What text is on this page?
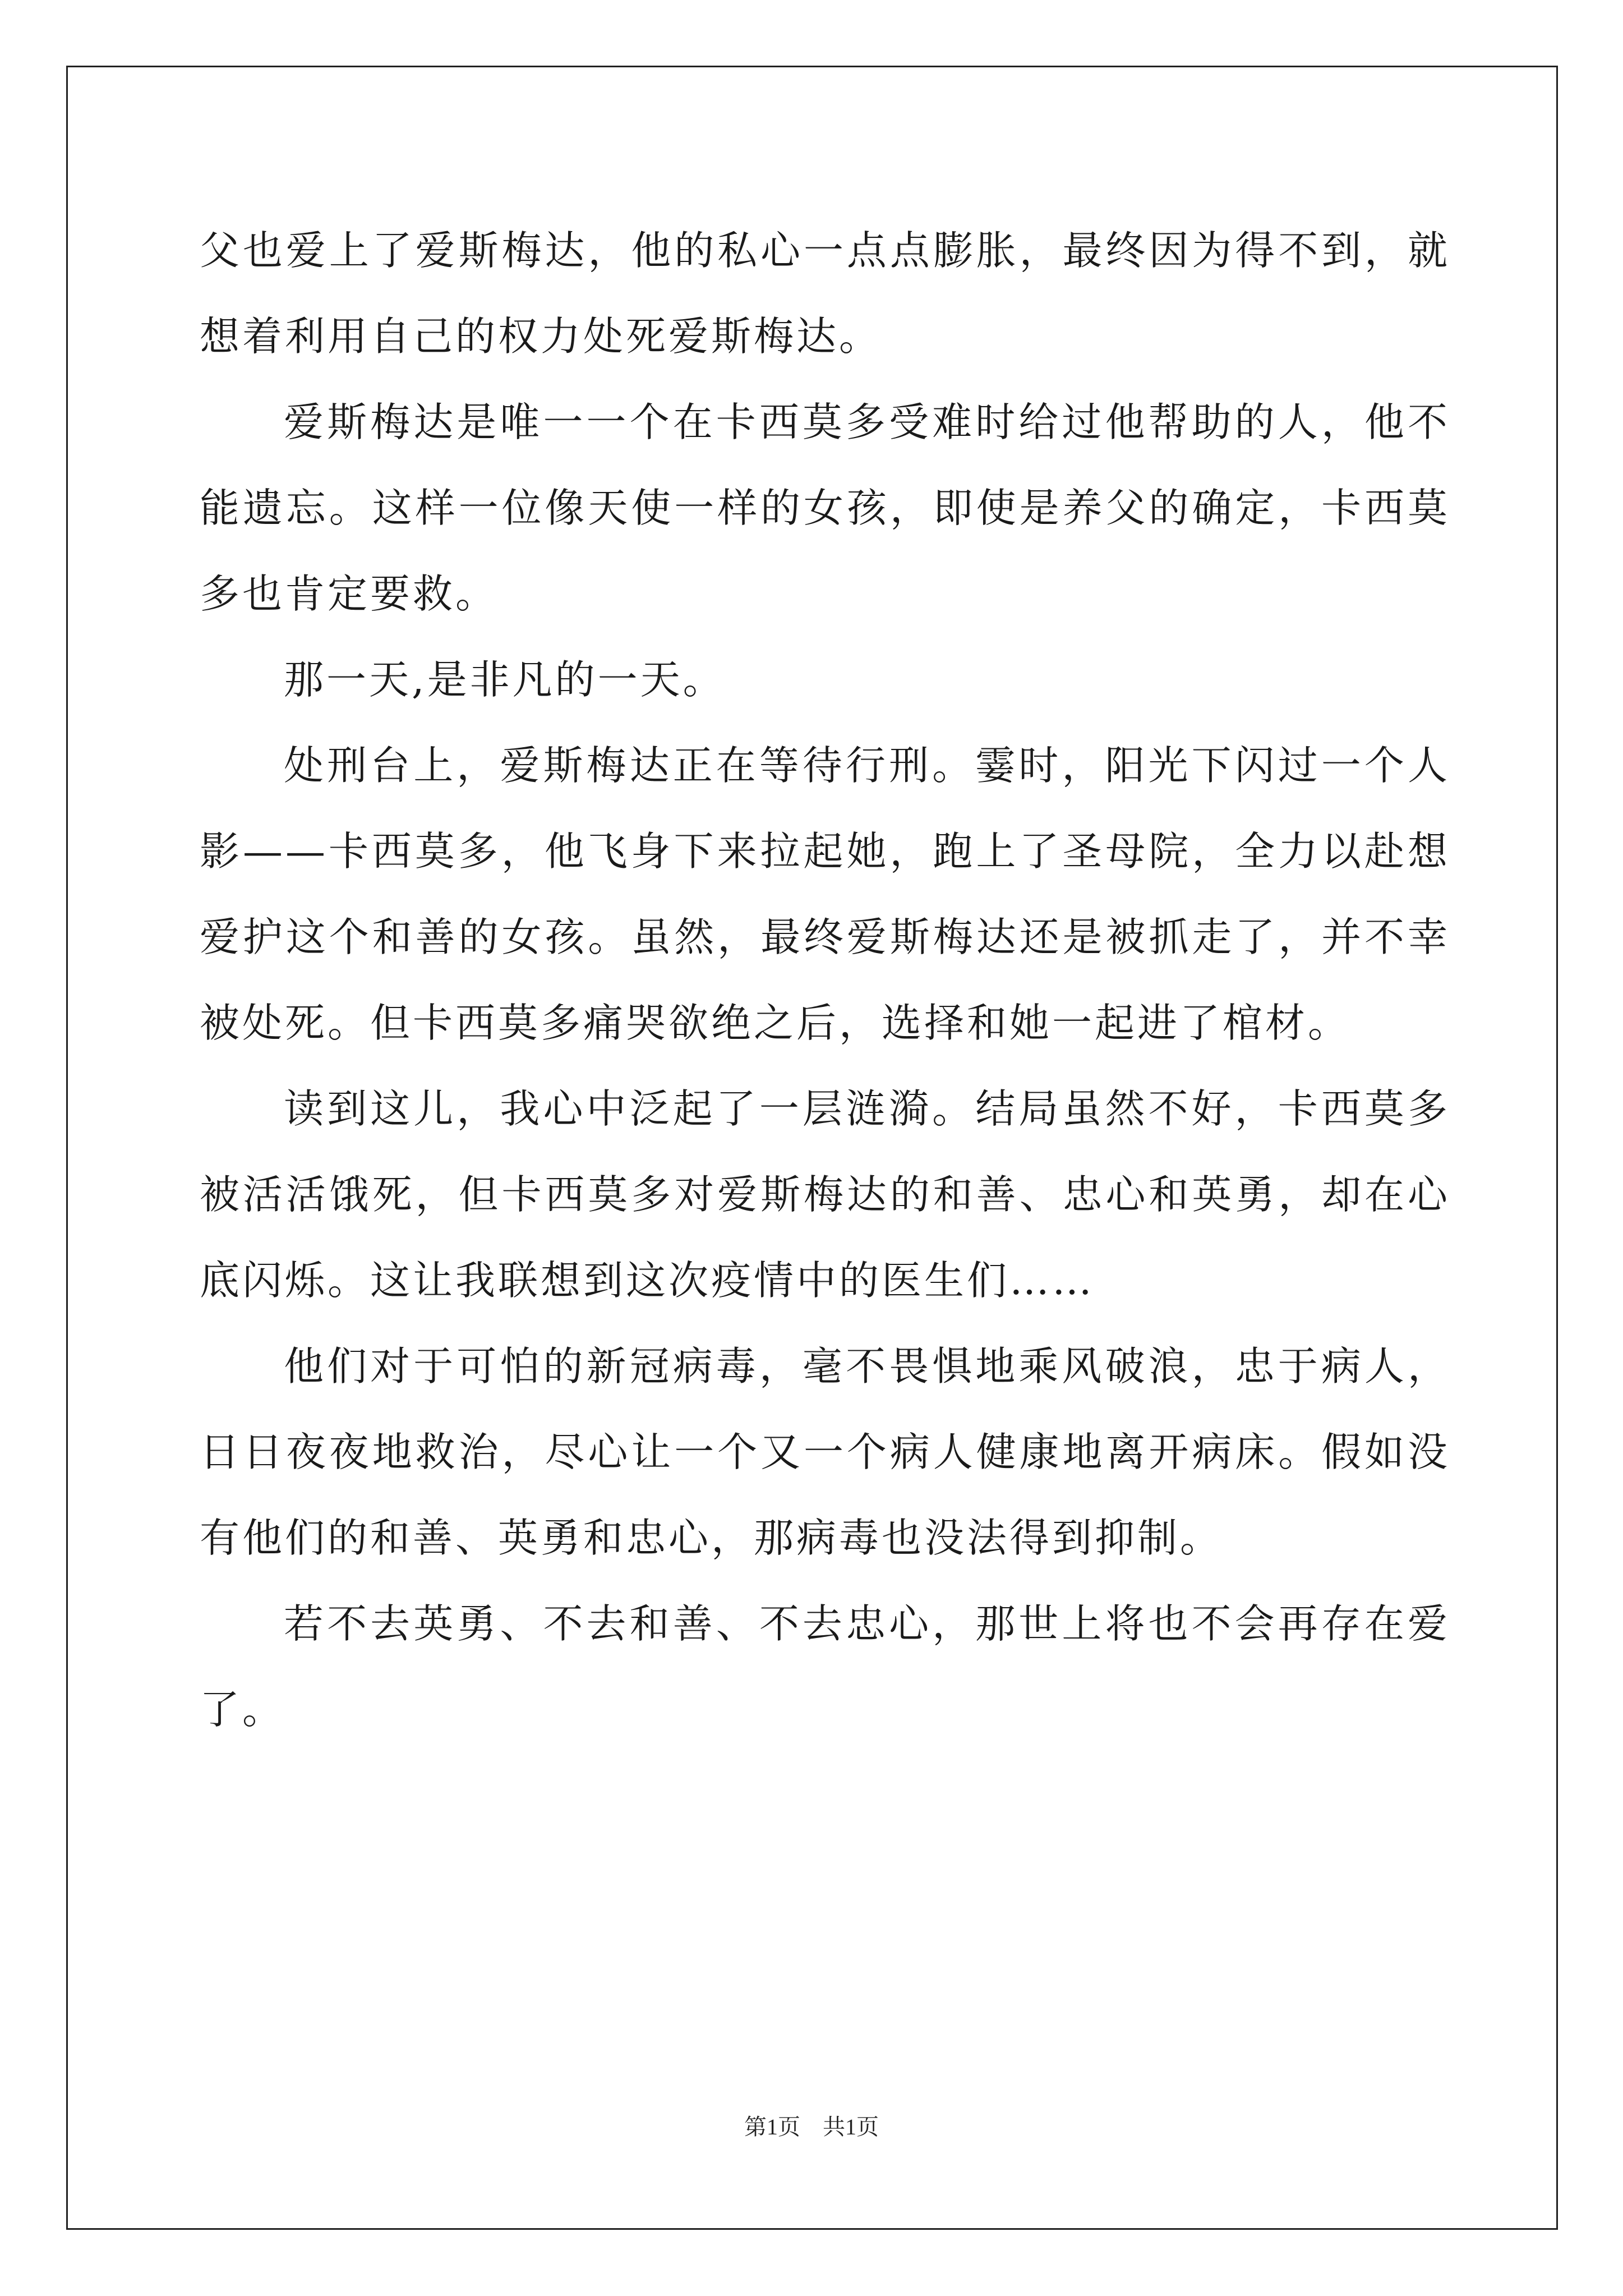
父也爱上了爱斯梅达，他的私心一点点膨胀，最终因为得不到，就想着利用自己的权力处死爱斯梅达。

爱斯梅达是唯一一个在卡西莫多受难时给过他帮助的人，他不能遗忘。这样一位像天使一样的女孩，即使是养父的确定，卡西莫多也肯定要救。

那一天,是非凡的一天。

处刑台上，爱斯梅达正在等待行刑。霎时，阳光下闪过一个人影——卡西莫多，他飞身下来拉起她，跑上了圣母院，全力以赴想爱护这个和善的女孩。虽然，最终爱斯梅达还是被抓走了，并不幸被处死。但卡西莫多痛哭欲绝之后，选择和她一起进了棺材。

读到这儿，我心中泛起了一层涟漪。结局虽然不好，卡西莫多被活活饿死，但卡西莫多对爱斯梅达的和善、忠心和英勇，却在心底闪烁。这让我联想到这次疫情中的医生们……

他们对于可怕的新冠病毒，毫不畏惧地乘风破浪，忠于病人，日日夜夜地救治，尽心让一个又一个病人健康地离开病床。假如没有他们的和善、英勇和忠心，那病毒也没法得到抑制。

若不去英勇、不去和善、不去忠心，那世上将也不会再存在爱了。

第1页 共1页
